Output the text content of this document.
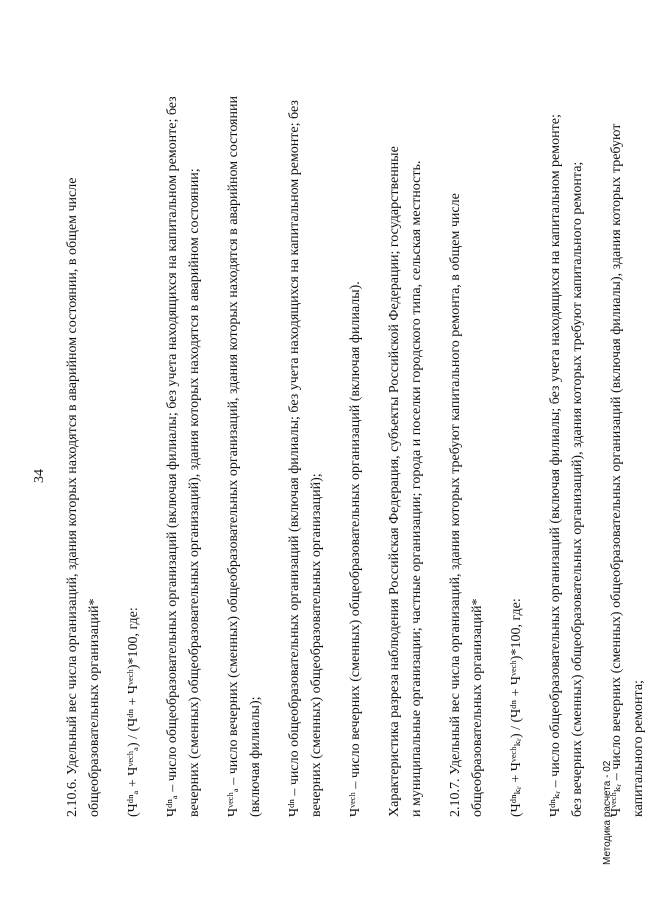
34 2.10.6. Удельный вес числа организаций, здания которых находятся в аварийном состоянии, в общем числе общеобразовательных организаций* (Чᵈⁿₐ + Чᵛᵉᶜʰₐ) / (Чᵈⁿ + Чᵛᵉᶜʰ)*100, где: Чᵈⁿₐ – число общеобразовательных организаций (включая филиалы; без учета находящихся на капитальном ремонте; без вечерних (сменных) общеобразовательных организаций), здания которых находятся в аварийном состоянии; Чᵛᵉᶜʰₐ – число вечерних (сменных) общеобразовательных организаций, здания которых находятся в аварийном состоянии (включая филиалы); Чᵈⁿ – число общеобразовательных организаций (включая филиалы; без учета находящихся на капитальном ремонте; без вечерних (сменных) общеобразовательных организаций); Чᵛᵉᶜʰ – число вечерних (сменных) общеобразовательных организаций (включая филиалы). Характеристика разреза наблюдения Российская Федерация, субъекты Российской Федерации; государственные и муниципальные организации; частные организации; города и поселки городского типа, сельская местность. 2.10.7. Удельный вес числа организаций, здания которых требуют капитального ремонта, в общем числе общеобразовательных организаций* (Чᵈⁿₖᵣ + Чᵛᵉᶜʰₖᵣ) / (Чᵈⁿ + Чᵛᵉᶜʰ)*100, где: Чᵈⁿₖᵣ – число общеобразовательных организаций (включая филиалы; без учета находящихся на капитальном ремонте; без вечерних (сменных) общеобразовательных организаций), здания которых требуют капитального ремонта; Чᵛᵉᶜʰₖᵣ – число вечерних (сменных) общеобразовательных организаций (включая филиалы), здания которых требуют капитального ремонта;
Методика расчета - 02
